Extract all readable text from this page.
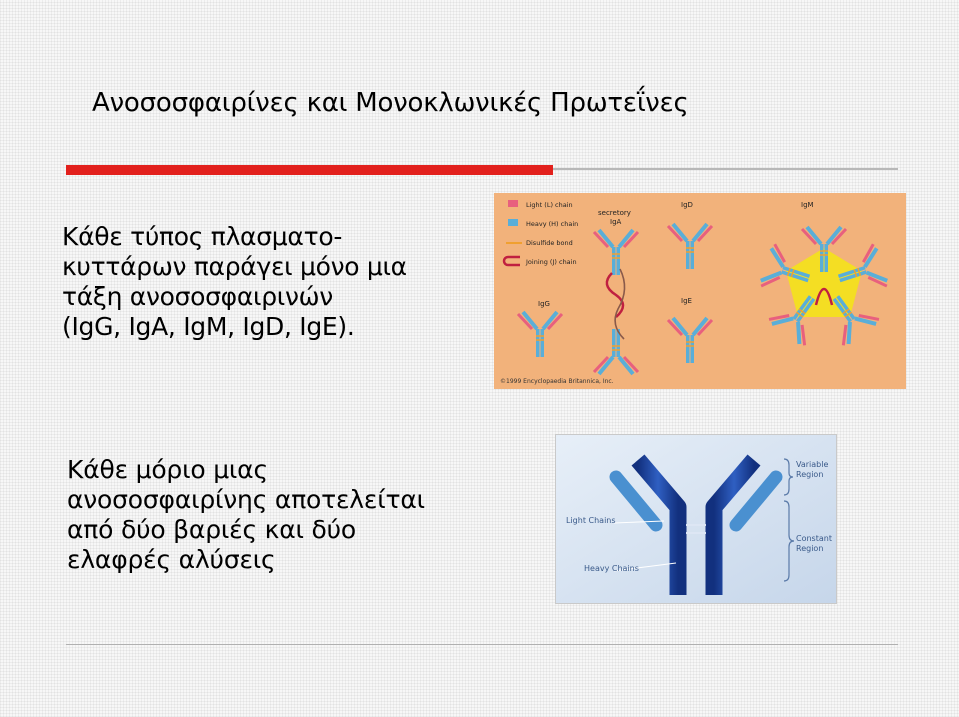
Ανοσοσφαιρίνες και Μονοκλωνικές Πρωτεΐνες

Κάθε τύπος πλασματο-
κυττάρων παράγει μόνο μια
τάξη ανοσοσφαιρινών
(IgG, IgA, IgM, IgD, IgE).

Light (L) chain
Heavy (H) chain
Disulfide bond
Joining (J) chain
IgG
secretory IgA
IgD
IgE
IgM
©1999 Encyclopaedia Britannica, Inc.

Κάθε μόριο μιας
ανοσοσφαιρίνης αποτελείται
από δύο βαριές και δύο
ελαφρές αλύσεις

Variable Region
Constant Region
Light Chains
Heavy Chains
